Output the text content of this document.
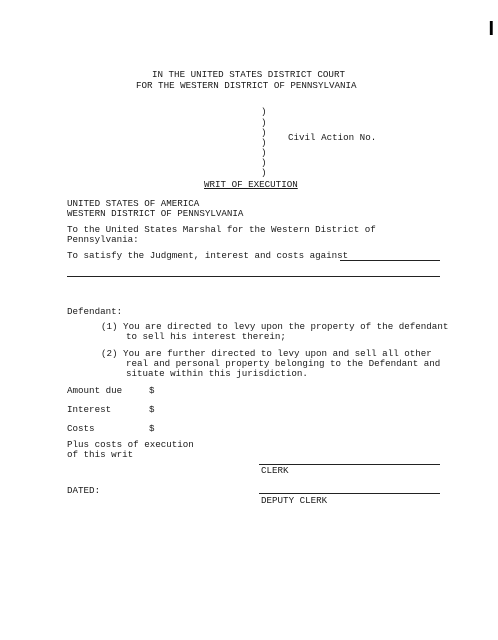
I
IN THE UNITED STATES DISTRICT COURT
FOR THE WESTERN DISTRICT OF PENNSYLVANIA
)
)
)
)
)
)
)
Civil Action No.
WRIT OF EXECUTION
UNITED STATES OF AMERICA
WESTERN DISTRICT OF PENNSYLVANIA
To the United States Marshal for the Western District of
Pennsylvania:
To satisfy the Judgment, interest and costs against
Defendant:
(1) You are directed to levy upon the property of the defendant
to sell his interest therein;
(2) You are further directed to levy upon and sell all other
real and personal property belonging to the Defendant and
situate within this jurisdiction.
Amount due	$
Interest	$
Costs	$
Plus costs of execution
of this writ
CLERK
DATED:
DEPUTY CLERK
